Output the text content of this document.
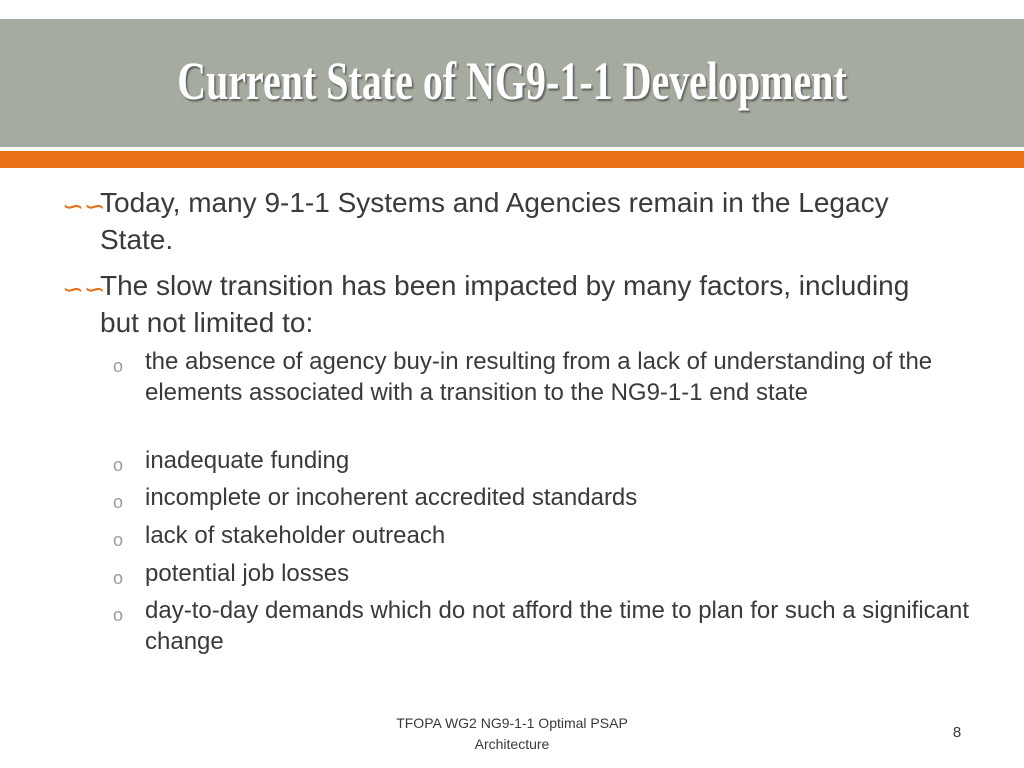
Current State of NG9-1-1 Development
∽∽
Today, many 9-1-1 Systems and Agencies remain in the Legacy State.
∽∽
The slow transition has been impacted by many factors, including but not limited to:
o the absence of agency buy-in resulting from a lack of understanding of the elements associated with a transition to the NG9-1-1 end state
o inadequate funding
o incomplete or incoherent accredited standards
o lack of stakeholder outreach
o potential job losses
o day-to-day demands which do not afford the time to plan for such a significant change
TFOPA WG2 NG9-1-1 Optimal PSAP Architecture
8
